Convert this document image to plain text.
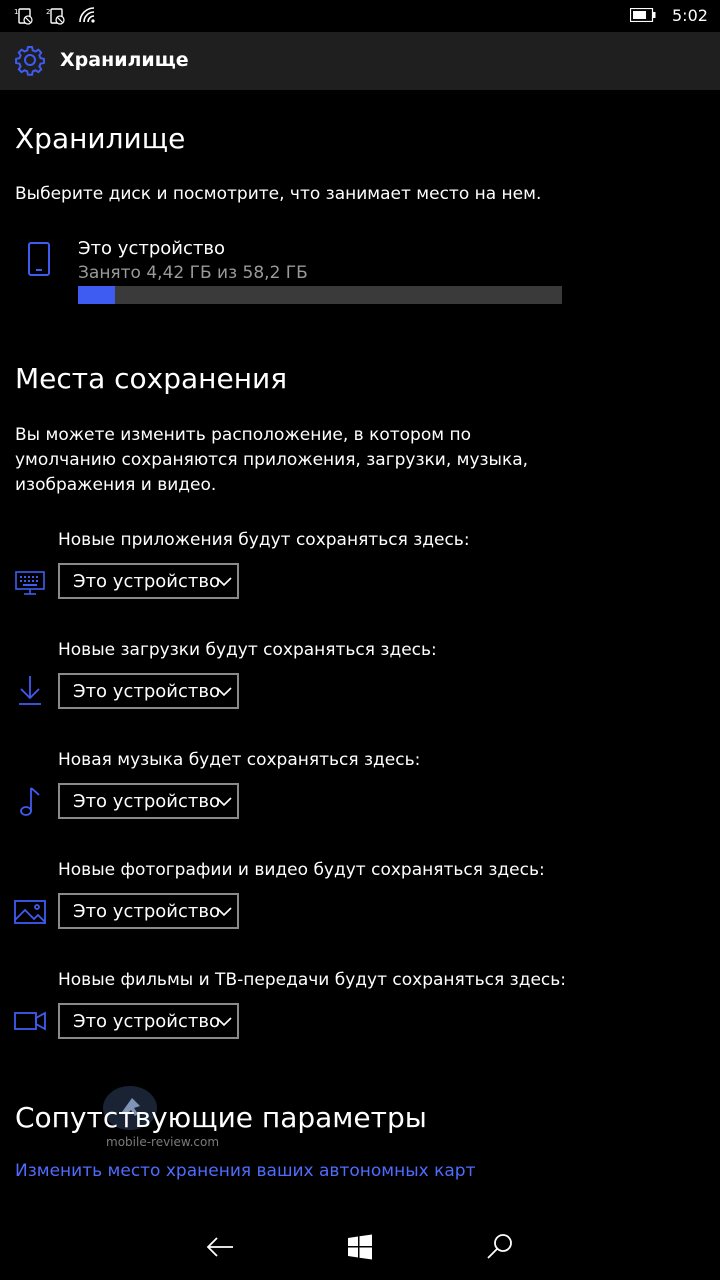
1	2	5:02
Хранилище
Хранилище
Выберите диск и посмотрите, что занимает место на нем.
Это устройство
Занято 4,42 ГБ из 58,2 ГБ
Места сохранения
Вы можете изменить расположение, в котором по умолчанию сохраняются приложения, загрузки, музыка, изображения и видео.
Новые приложения будут сохраняться здесь:
Это устройство
Новые загрузки будут сохраняться здесь:
Это устройство
Новая музыка будет сохраняться здесь:
Это устройство
Новые фотографии и видео будут сохраняться здесь:
Это устройство
Новые фильмы и ТВ-передачи будут сохраняться здесь:
Это устройство
mobile-review.com
Сопутствующие параметры
Изменить место хранения ваших автономных карт
